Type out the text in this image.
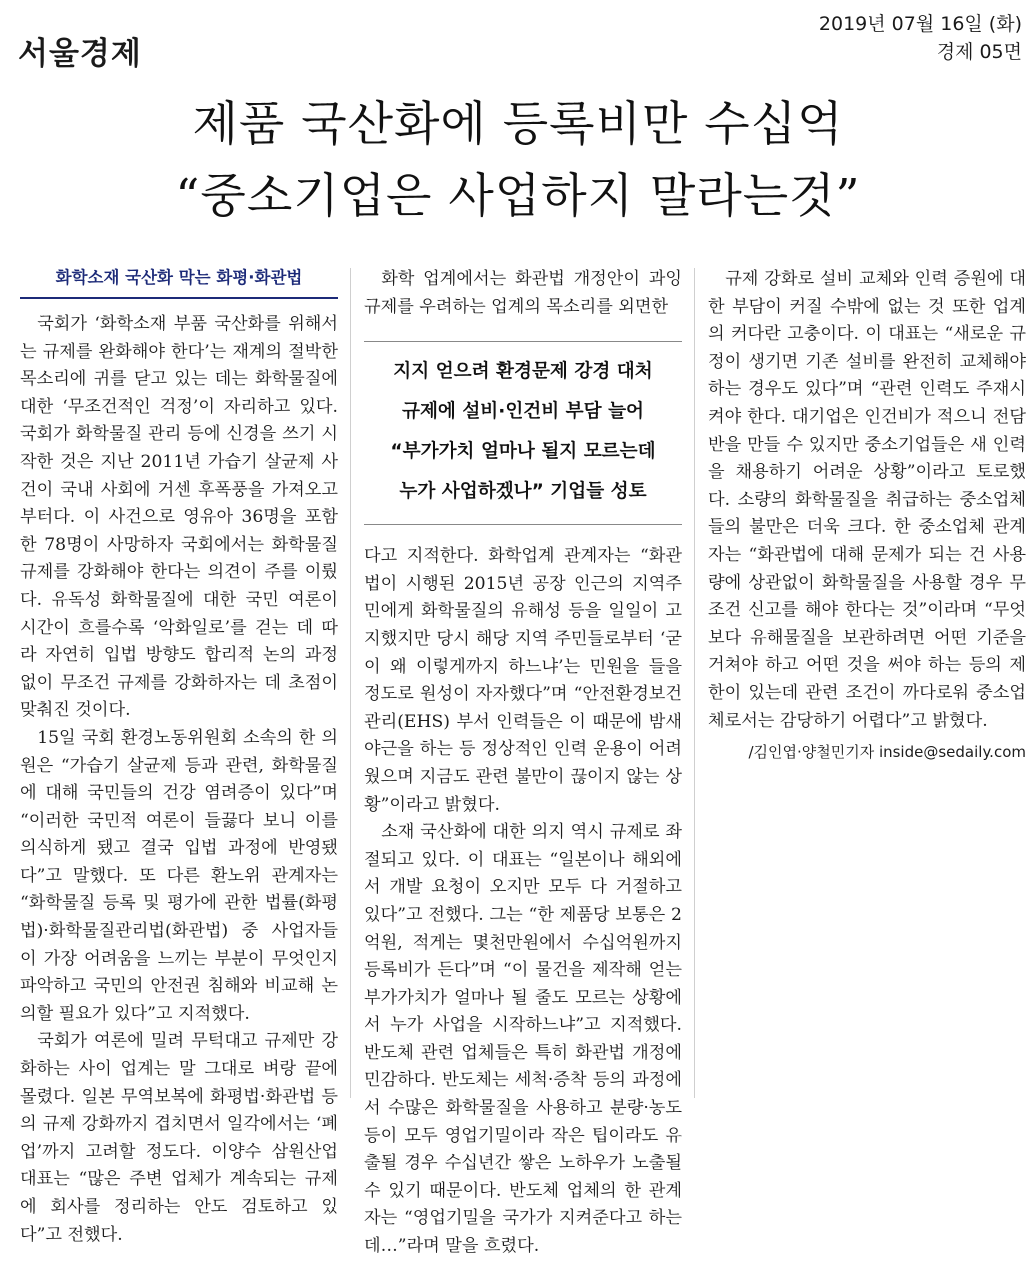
서울경제
2019년 07월 16일 (화)
경제 05면
제품 국산화에 등록비만 수십억
“중소기업은 사업하지 말라는것”
화학소재 국산화 막는 화평·화관법

국회가 ‘화학소재 부품 국산화를 위해서는 규제를 완화해야 한다’는 재계의 절박한 목소리에 귀를 닫고 있는 데는 화학물질에 대한 ‘무조건적인 걱정’이 자리하고 있다. 국회가 화학물질 관리 등에 신경을 쓰기 시작한 것은 지난 2011년 가습기 살균제 사건이 국내 사회에 거센 후폭풍을 가져오고부터다. 이 사건으로 영유아 36명을 포함한 78명이 사망하자 국회에서는 화학물질 규제를 강화해야 한다는 의견이 주를 이뤘다. 유독성 화학물질에 대한 국민 여론이 시간이 흐를수록 ‘악화일로’를 걷는 데 따라 자연히 입법 방향도 합리적 논의 과정 없이 무조건 규제를 강화하자는 데 초점이 맞춰진 것이다.

15일 국회 환경노동위원회 소속의 한 의원은 “가습기 살균제 등과 관련, 화학물질에 대해 국민들의 건강 염려증이 있다”며 “이러한 국민적 여론이 들끓다 보니 이를 의식하게 됐고 결국 입법 과정에 반영됐다”고 말했다. 또 다른 환노위 관계자는 “화학물질 등록 및 평가에 관한 법률(화평법)·화학물질관리법(화관법) 중 사업자들이 가장 어려움을 느끼는 부분이 무엇인지 파악하고 국민의 안전권 침해와 비교해 논의할 필요가 있다”고 지적했다.

국회가 여론에 밀려 무턱대고 규제만 강화하는 사이 업계는 말 그대로 벼랑 끝에 몰렸다. 일본 무역보복에 화평법·화관법 등의 규제 강화까지 겹치면서 일각에서는 ‘폐업’까지 고려할 정도다. 이양수 삼원산업 대표는 “많은 주변 업체가 계속되는 규제에 회사를 정리하는 안도 검토하고 있다”고 전했다.

화학 업계에서는 화관법 개정안이 과잉규제를 우려하는 업계의 목소리를 외면한

지지 얻으려 환경문제 강경 대처
규제에 설비·인건비 부담 늘어
“부가가치 얼마나 될지 모르는데
누가 사업하겠나” 기업들 성토

다고 지적한다. 화학업계 관계자는 “화관법이 시행된 2015년 공장 인근의 지역주민에게 화학물질의 유해성 등을 일일이 고지했지만 당시 해당 지역 주민들로부터 ‘굳이 왜 이렇게까지 하느냐’는 민원을 들을 정도로 원성이 자자했다”며 “안전환경보건관리(EHS) 부서 인력들은 이 때문에 밤새 야근을 하는 등 정상적인 인력 운용이 어려웠으며 지금도 관련 불만이 끊이지 않는 상황”이라고 밝혔다.

소재 국산화에 대한 의지 역시 규제로 좌절되고 있다. 이 대표는 “일본이나 해외에서 개발 요청이 오지만 모두 다 거절하고 있다”고 전했다. 그는 “한 제품당 보통은 2억원, 적게는 몇천만원에서 수십억원까지 등록비가 든다”며 “이 물건을 제작해 얻는 부가가치가 얼마나 될 줄도 모르는 상황에서 누가 사업을 시작하느냐”고 지적했다. 반도체 관련 업체들은 특히 화관법 개정에 민감하다. 반도체는 세척·증착 등의 과정에서 수많은 화학물질을 사용하고 분량·농도 등이 모두 영업기밀이라 작은 팁이라도 유출될 경우 수십년간 쌓은 노하우가 노출될 수 있기 때문이다. 반도체 업체의 한 관계자는 “영업기밀을 국가가 지켜준다고 하는데…”라며 말을 흐렸다.

규제 강화로 설비 교체와 인력 증원에 대한 부담이 커질 수밖에 없는 것 또한 업계의 커다란 고충이다. 이 대표는 “새로운 규정이 생기면 기존 설비를 완전히 교체해야 하는 경우도 있다”며 “관련 인력도 주재시켜야 한다. 대기업은 인건비가 적으니 전담반을 만들 수 있지만 중소기업들은 새 인력을 채용하기 어려운 상황”이라고 토로했다. 소량의 화학물질을 취급하는 중소업체들의 불만은 더욱 크다. 한 중소업체 관계자는 “화관법에 대해 문제가 되는 건 사용량에 상관없이 화학물질을 사용할 경우 무조건 신고를 해야 한다는 것”이라며 “무엇보다 유해물질을 보관하려면 어떤 기준을 거쳐야 하고 어떤 것을 써야 하는 등의 제한이 있는데 관련 조건이 까다로워 중소업체로서는 감당하기 어렵다”고 밝혔다.

/김인엽·양철민기자 inside@sedaily.com
